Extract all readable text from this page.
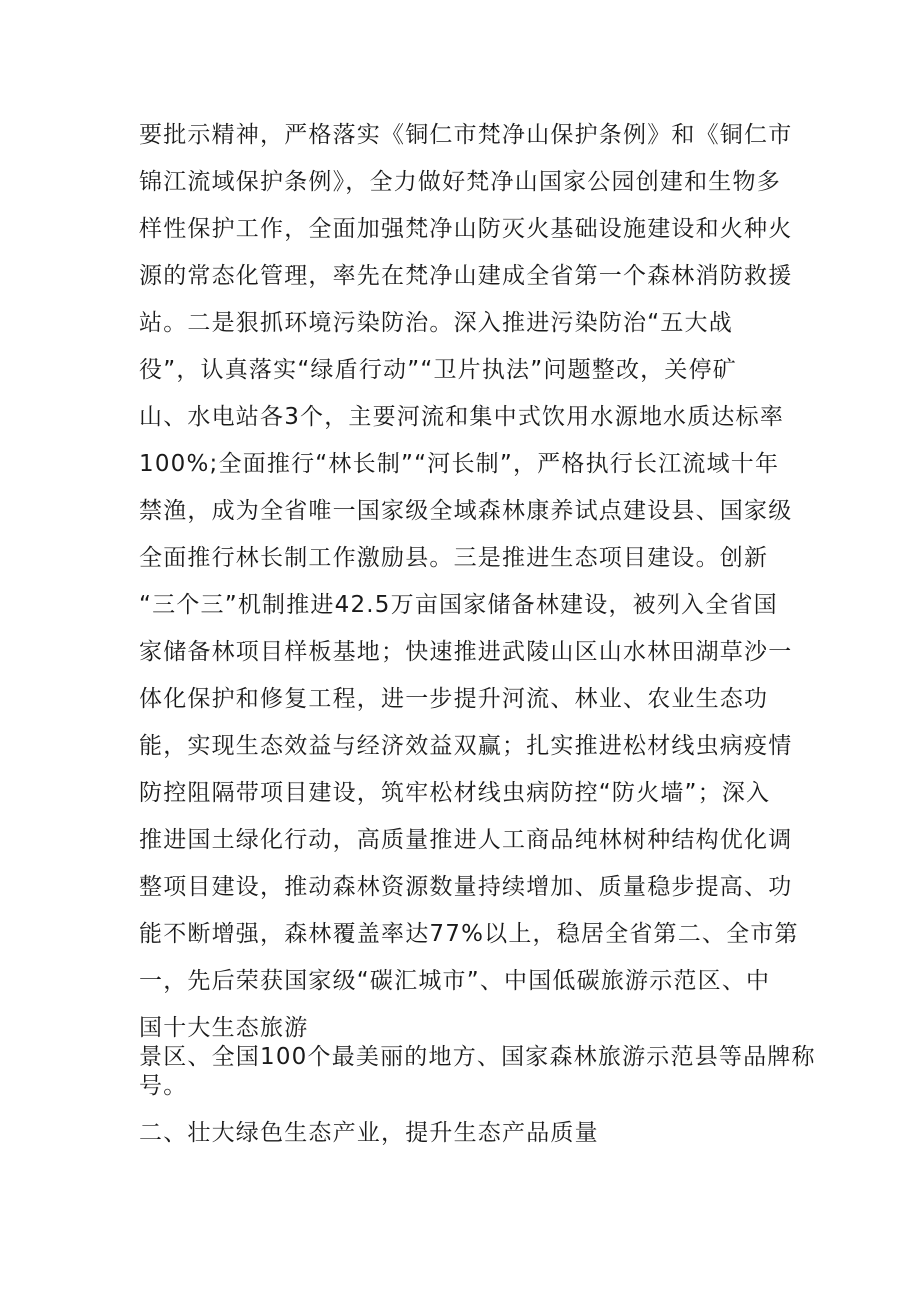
要批示精神，严格落实《铜仁市梵净山保护条例》和《铜仁市
锦江流域保护条例》，全力做好梵净山国家公园创建和生物多
样性保护工作，全面加强梵净山防灭火基础设施建设和火种火
源的常态化管理，率先在梵净山建成全省第一个森林消防救援
站。二是狠抓环境污染防治。深入推进污染防治“五大战
役”，认真落实“绿盾行动”“卫片执法”问题整改，关停矿
山、水电站各3个，主要河流和集中式饮用水源地水质达标率
100%;全面推行“林长制”“河长制”，严格执行长江流域十年
禁渔，成为全省唯一国家级全域森林康养试点建设县、国家级
全面推行林长制工作激励县。三是推进生态项目建设。创新
“三个三”机制推进42.5万亩国家储备林建设，被列入全省国
家储备林项目样板基地；快速推进武陵山区山水林田湖草沙一
体化保护和修复工程，进一步提升河流、林业、农业生态功
能，实现生态效益与经济效益双赢；扎实推进松材线虫病疫情
防控阻隔带项目建设，筑牢松材线虫病防控“防火墙”；深入
推进国土绿化行动，高质量推进人工商品纯林树种结构优化调
整项目建设，推动森林资源数量持续增加、质量稳步提高、功
能不断增强，森林覆盖率达77%以上，稳居全省第二、全市第
一，先后荣获国家级“碳汇城市”、中国低碳旅游示范区、中
国十大生态旅游
景区、全国100个最美丽的地方、国家森林旅游示范县等品牌称
号。
二、壮大绿色生态产业，提升生态产品质量
